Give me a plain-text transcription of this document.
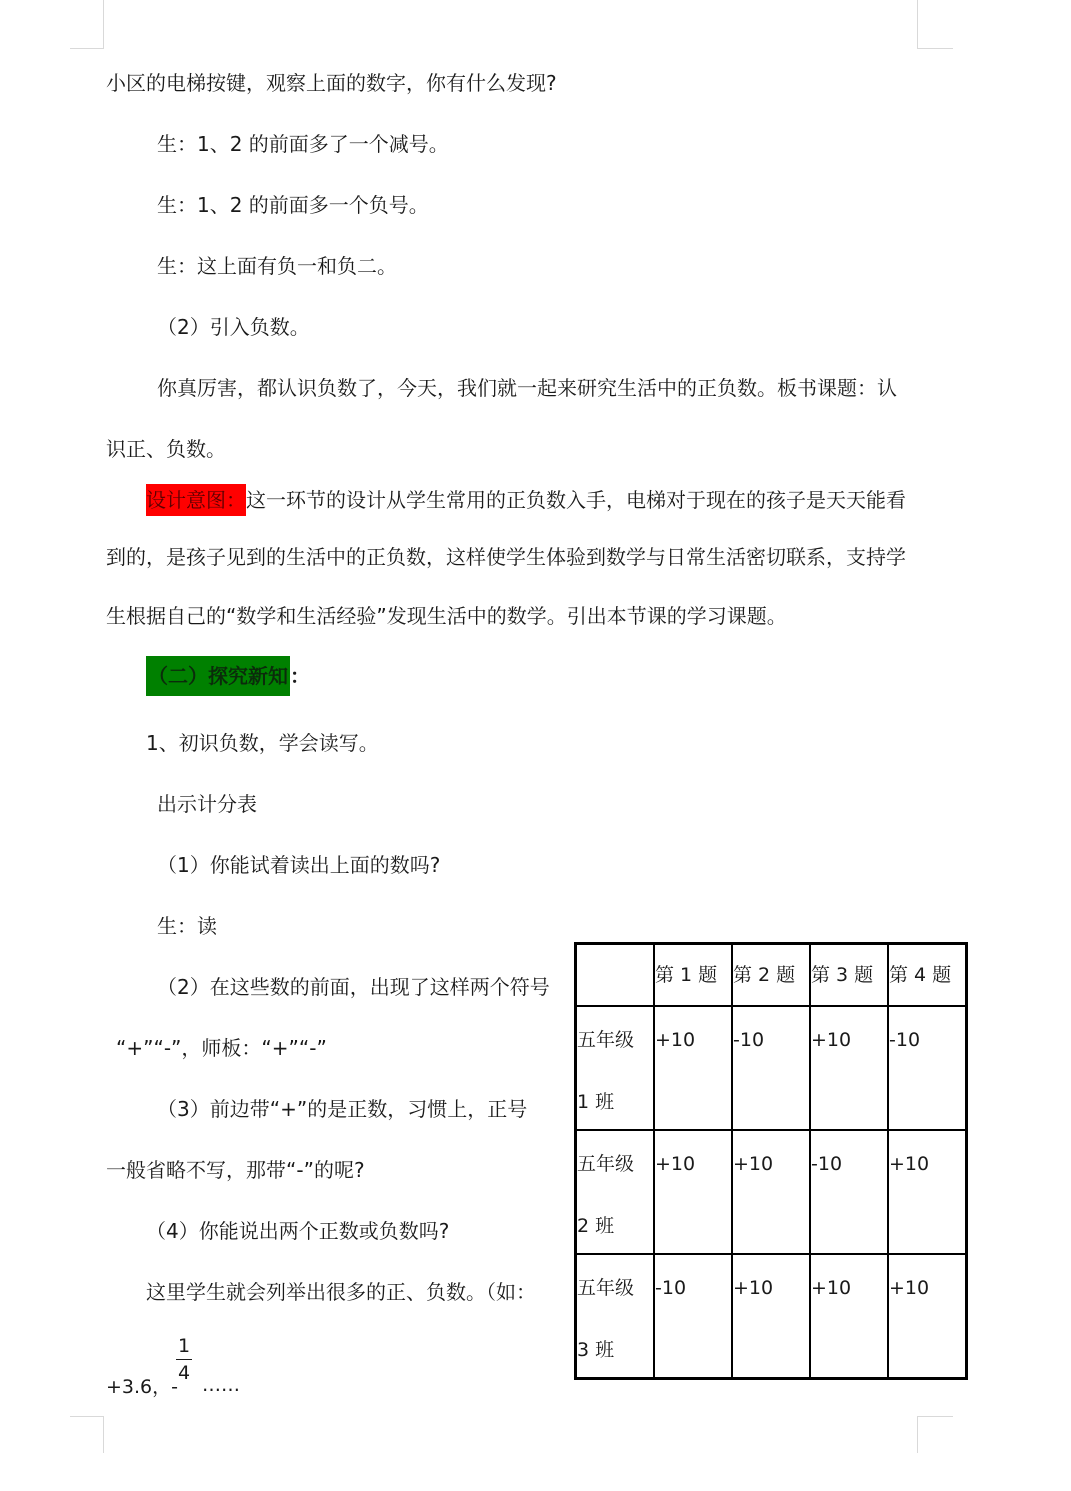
小区的电梯按键，观察上面的数字，你有什么发现?
生：1、2 的前面多了一个减号。
生：1、2 的前面多一个负号。
生：这上面有负一和负二。
（2）引入负数。
你真厉害，都认识负数了，今天，我们就一起来研究生活中的正负数。板书课题：认
识正、负数。
设计意图：这一环节的设计从学生常用的正负数入手，电梯对于现在的孩子是天天能看
到的，是孩子见到的生活中的正负数，这样使学生体验到数学与日常生活密切联系，支持学
生根据自己的“数学和生活经验”发现生活中的数学。引出本节课的学习课题。
（二）探究新知 ：
1、初识负数，学会读写。
出示计分表
（1）你能试着读出上面的数吗?
生：读
（2）在这些数的前面，出现了这样两个符号
“+”“-”，师板：“+”“-”
（3）前边带“+”的是正数，习惯上，正号
一般省略不写，那带“-”的呢?
（4）你能说出两个正数或负数吗?
这里学生就会列举出很多的正、负数。（如：
+3.6，-
1
4
……

	第 1 题	第 2 题	第 3 题	第 4 题

五年级
1 班	+10	-10	+10	-10

五年级
2 班	+10	+10	-10	+10

五年级
3 班	-10	+10	+10	+10
